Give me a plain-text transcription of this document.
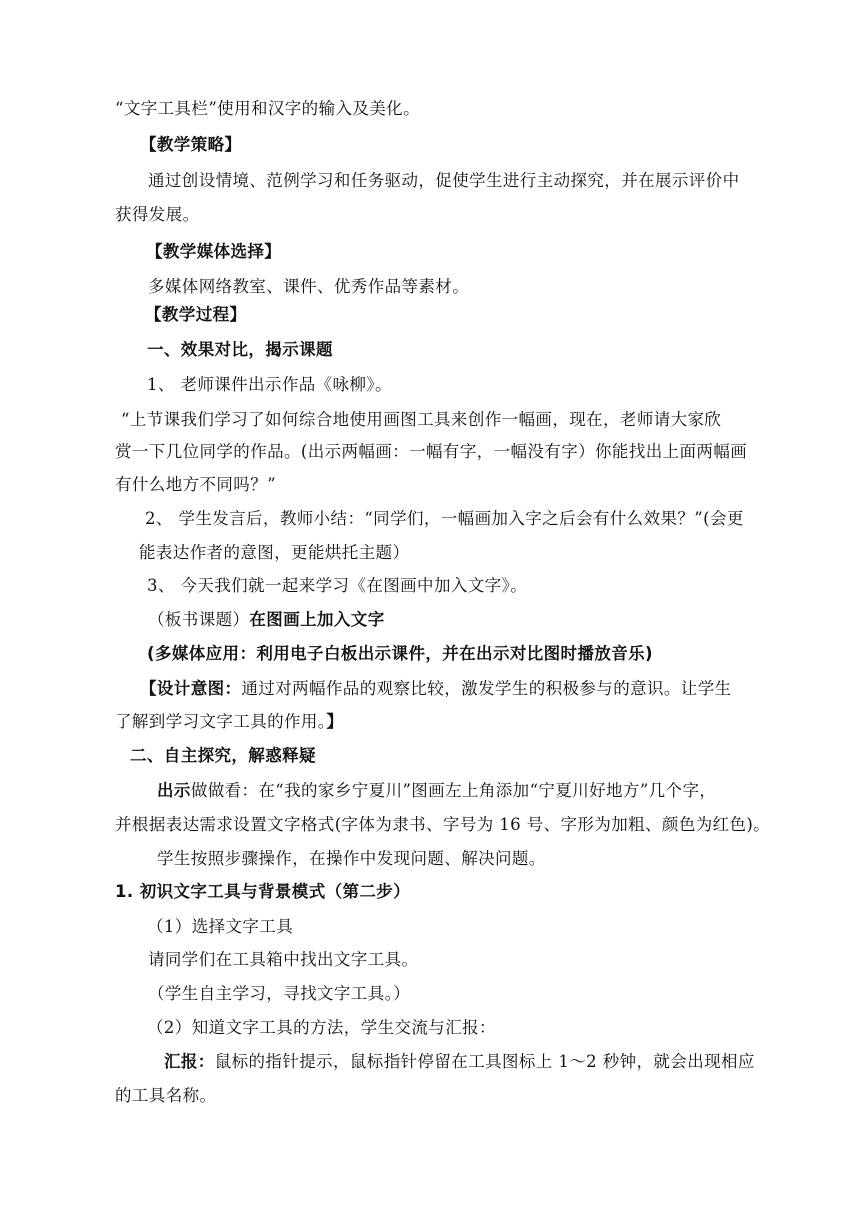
“文字工具栏”使用和汉字的输入及美化。
【教学策略】
通过创设情境、范例学习和任务驱动，促使学生进行主动探究，并在展示评价中
获得发展。
【教学媒体选择】
多媒体网络教室、课件、优秀作品等素材。
【教学过程】
一、效果对比，揭示课题
1、 老师课件出示作品《咏柳》。
“上节课我们学习了如何综合地使用画图工具来创作一幅画，现在，老师请大家欣
赏一下几位同学的作品。(出示两幅画：一幅有字，一幅没有字）你能找出上面两幅画
有什么地方不同吗？”
2、 学生发言后，教师小结：“同学们，一幅画加入字之后会有什么效果？”(会更
能表达作者的意图，更能烘托主题）
3、 今天我们就一起来学习《在图画中加入文字》。
（板书课题）在图画上加入文字
(多媒体应用：利用电子白板出示课件，并在出示对比图时播放音乐)
【设计意图：通过对两幅作品的观察比较，激发学生的积极参与的意识。让学生
了解到学习文字工具的作用。】
二、自主探究，解惑释疑
出示做做看：在“我的家乡宁夏川”图画左上角添加“宁夏川好地方”几个字，
并根据表达需求设置文字格式(字体为隶书、字号为 16 号、字形为加粗、颜色为红色)。
学生按照步骤操作，在操作中发现问题、解决问题。
1. 初识文字工具与背景模式（第二步）
（1）选择文字工具
请同学们在工具箱中找出文字工具。
（学生自主学习，寻找文字工具。）
（2）知道文字工具的方法，学生交流与汇报：
汇报：鼠标的指针提示，鼠标指针停留在工具图标上 1～2 秒钟，就会出现相应
的工具名称。
